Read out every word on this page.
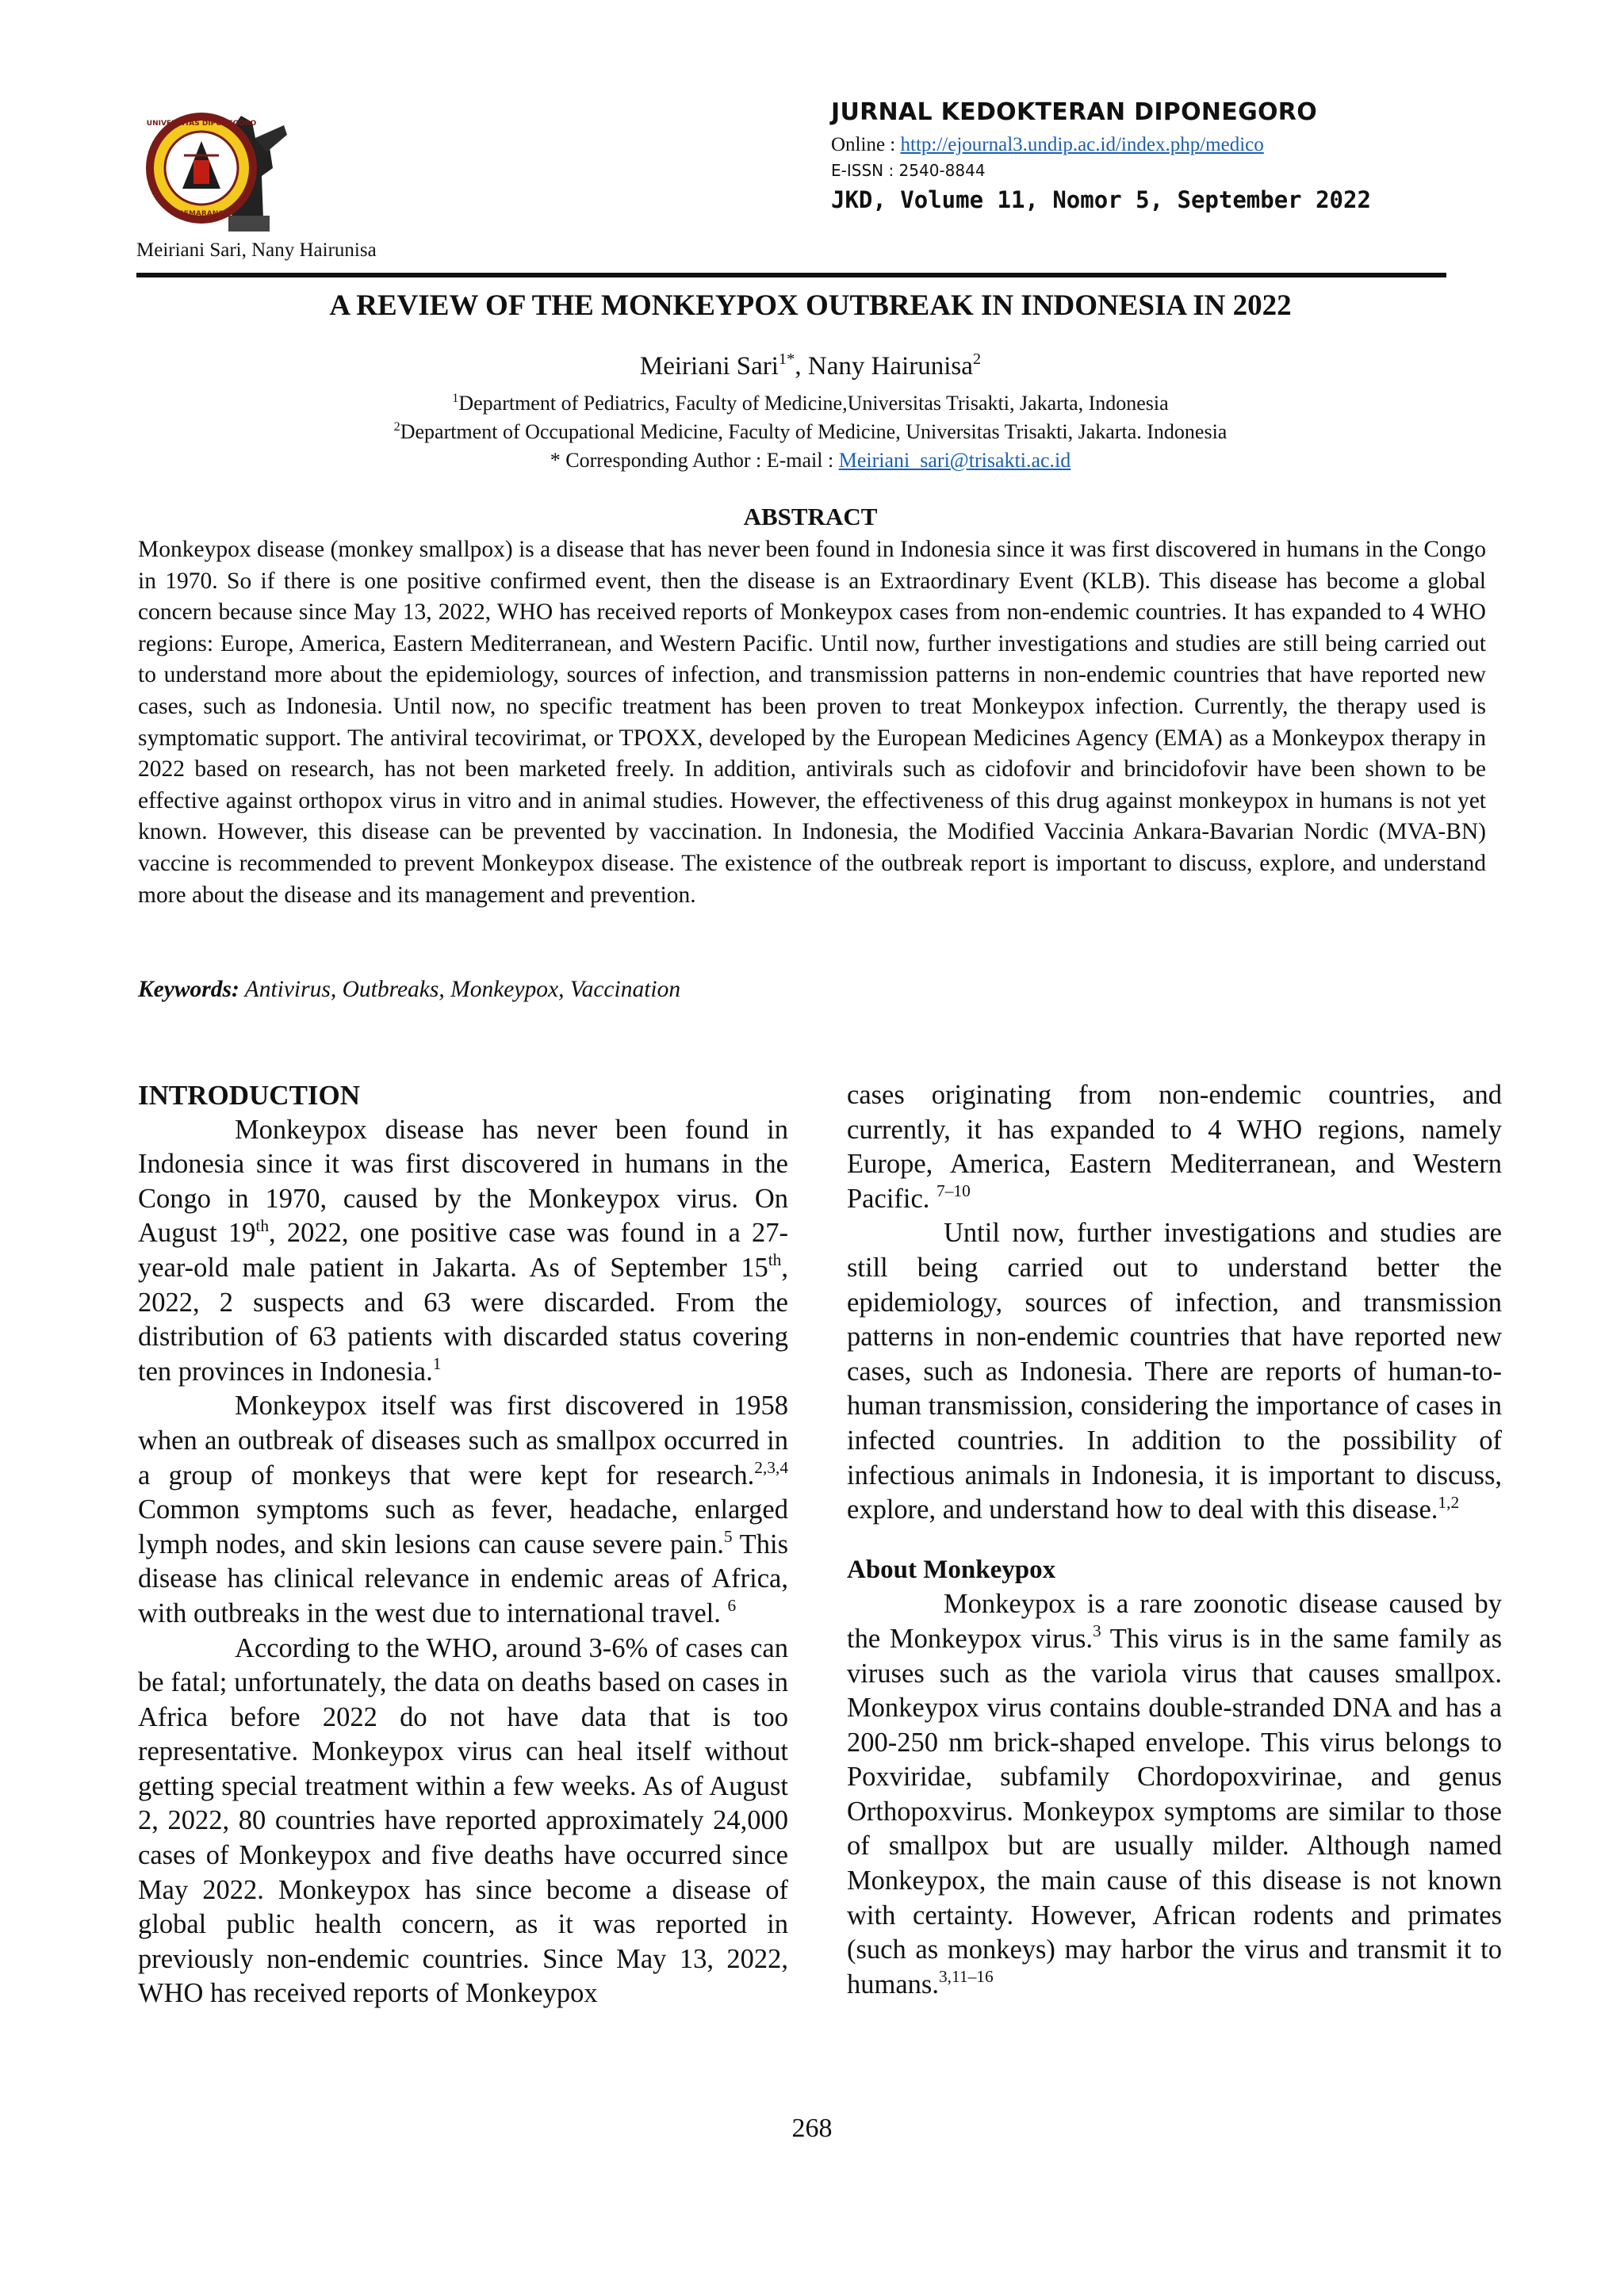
UNIVERSITAS DIPONEGORO
SEMARANG
Meiriani Sari, Nany Hairunisa
JURNAL KEDOKTERAN DIPONEGORO
Online : http://ejournal3.undip.ac.id/index.php/medico
E-ISSN : 2540-8844
JKD, Volume 11, Nomor 5, September 2022
A REVIEW OF THE MONKEYPOX OUTBREAK IN INDONESIA IN 2022
Meiriani Sari$^{1*}$, Nany Hairunisa$^2$
$^1$Department of Pediatrics, Faculty of Medicine,Universitas Trisakti, Jakarta, Indonesia
$^2$Department of Occupational Medicine, Faculty of Medicine, Universitas Trisakti, Jakarta. Indonesia
* Corresponding Author : E-mail : Meiriani_sari@trisakti.ac.id
ABSTRACT
Monkeypox disease (monkey smallpox) is a disease that has never been found in Indonesia since it was first discovered in humans in the Congo in 1970. So if there is one positive confirmed event, then the disease is an Extraordinary Event (KLB). This disease has become a global concern because since May 13, 2022, WHO has received reports of Monkeypox cases from non-endemic countries. It has expanded to 4 WHO regions: Europe, America, Eastern Mediterranean, and Western Pacific. Until now, further investigations and studies are still being carried out to understand more about the epidemiology, sources of infection, and transmission patterns in non-endemic countries that have reported new cases, such as Indonesia. Until now, no specific treatment has been proven to treat Monkeypox infection. Currently, the therapy used is symptomatic support. The antiviral tecovirimat, or TPOXX, developed by the European Medicines Agency (EMA) as a Monkeypox therapy in 2022 based on research, has not been marketed freely. In addition, antivirals such as cidofovir and brincidofovir have been shown to be effective against orthopox virus in vitro and in animal studies. However, the effectiveness of this drug against monkeypox in humans is not yet known. However, this disease can be prevented by vaccination. In Indonesia, the Modified Vaccinia Ankara-Bavarian Nordic (MVA-BN) vaccine is recommended to prevent Monkeypox disease. The existence of the outbreak report is important to discuss, explore, and understand more about the disease and its management and prevention.
Keywords: Antivirus, Outbreaks, Monkeypox, Vaccination

INTRODUCTION

Monkeypox disease has never been found in Indonesia since it was first discovered in humans in the Congo in 1970, caused by the Monkeypox virus. On August 19th, 2022, one positive case was found in a 27-year-old male patient in Jakarta. As of September 15th, 2022, 2 suspects and 63 were discarded. From the distribution of 63 patients with discarded status covering ten provinces in Indonesia.$^1$

Monkeypox itself was first discovered in 1958 when an outbreak of diseases such as smallpox occurred in a group of monkeys that were kept for research.$^{2,3,4}$ Common symptoms such as fever, headache, enlarged lymph nodes, and skin lesions can cause severe pain.$^5$ This disease has clinical relevance in endemic areas of Africa, with outbreaks in the west due to international travel. $^6$

According to the WHO, around 3-6% of cases can be fatal; unfortunately, the data on deaths based on cases in Africa before 2022 do not have data that is too representative. Monkeypox virus can heal itself without getting special treatment within a few weeks. As of August 2, 2022, 80 countries have reported approximately 24,000 cases of Monkeypox and five deaths have occurred since May 2022. Monkeypox has since become a disease of global public health concern, as it was reported in previously non-endemic countries. Since May 13, 2022, WHO has received reports of Monkeypox

cases originating from non-endemic countries, and currently, it has expanded to 4 WHO regions, namely Europe, America, Eastern Mediterranean, and Western Pacific. $^{7-10}$

Until now, further investigations and studies are still being carried out to understand better the epidemiology, sources of infection, and transmission patterns in non-endemic countries that have reported new cases, such as Indonesia. There are reports of human-to-human transmission, considering the importance of cases in infected countries. In addition to the possibility of infectious animals in Indonesia, it is important to discuss, explore, and understand how to deal with this disease.$^{1,2}$

About Monkeypox

Monkeypox is a rare zoonotic disease caused by the Monkeypox virus.$^3$ This virus is in the same family as viruses such as the variola virus that causes smallpox. Monkeypox virus contains double-stranded DNA and has a 200-250 nm brick-shaped envelope. This virus belongs to Poxviridae, subfamily Chordopoxvirinae, and genus Orthopoxvirus. Monkeypox symptoms are similar to those of smallpox but are usually milder. Although named Monkeypox, the main cause of this disease is not known with certainty. However, African rodents and primates (such as monkeys) may harbor the virus and transmit it to humans.$^{3,11-16}$

268
